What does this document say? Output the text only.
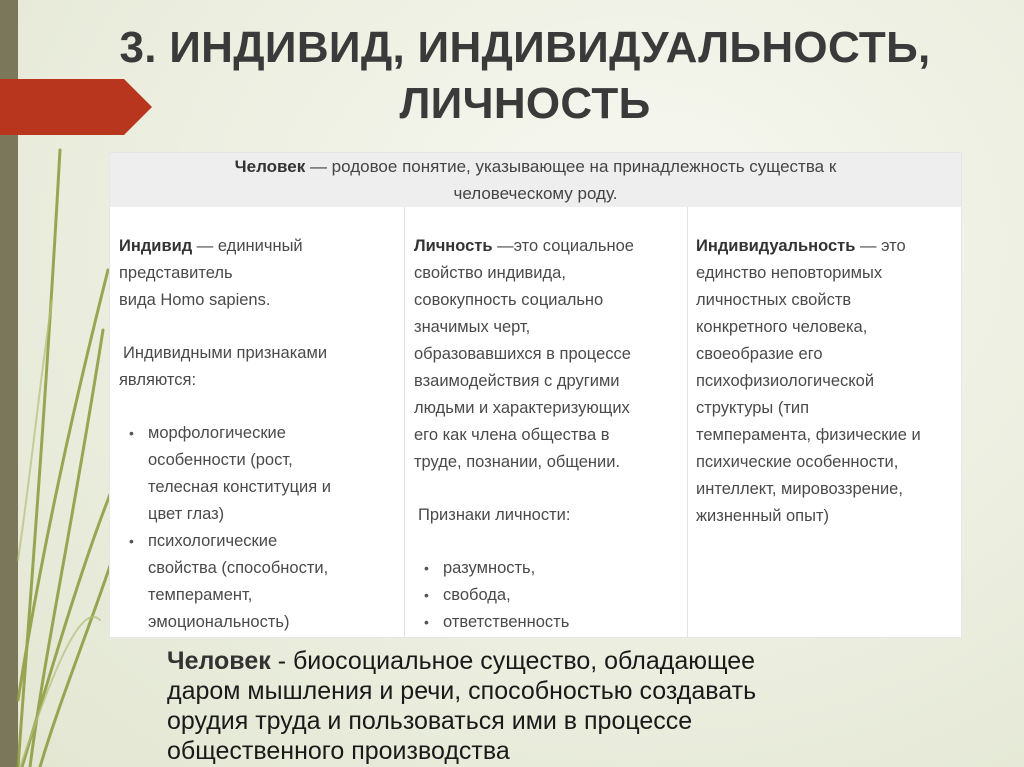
3. ИНДИВИД, ИНДИВИДУАЛЬНОСТЬ,
ЛИЧНОСТЬ
Человек — родовое понятие, указывающее на принадлежность существа к
человеческому роду.
Индивид — единичный
представитель
вида Homo sapiens.
Индивидными признаками
являются:
• морфологические
особенности (рост,
телесная конституция и
цвет глаз)
• психологические
свойства (способности,
темперамент,
эмоциональность)
Личность —это социальное
свойство индивида,
совокупность социально
значимых черт,
образовавшихся в процессе
взаимодействия с другими
людьми и характеризующих
его как члена общества в
труде, познании, общении.
Признаки личности:
• разумность,
• свобода,
• ответственность
Индивидуальность — это
единство неповторимых
личностных свойств
конкретного человека,
своеобразие его
психофизиологической
структуры (тип
темперамента, физические и
психические особенности,
интеллект, мировоззрение,
жизненный опыт)
Человек - биосоциальное существо, обладающее
даром мышления и речи, способностью создавать
орудия труда и пользоваться ими в процессе
общественного производства
